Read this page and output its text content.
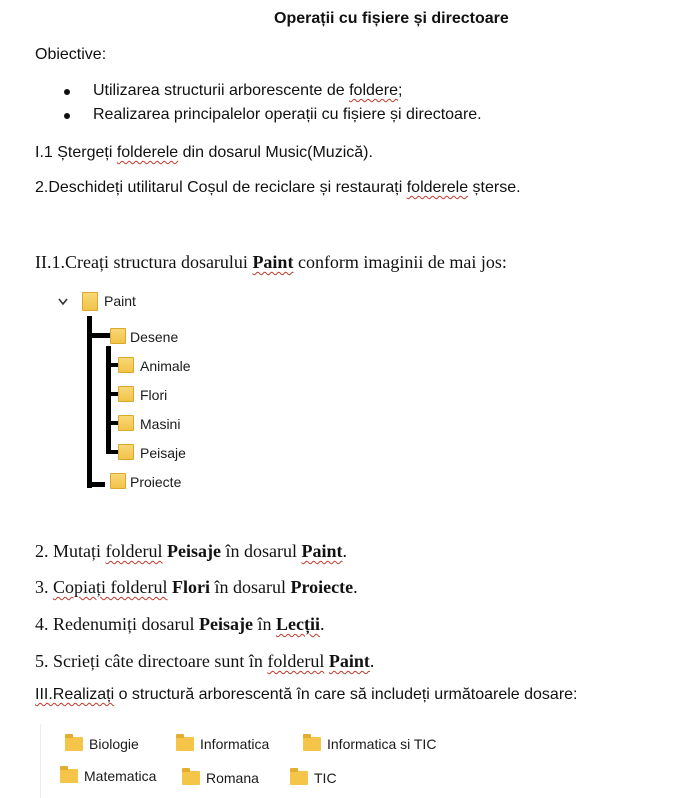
Operații cu fișiere și directoare
Obiective:
Utilizarea structurii arborescente de foldere;
Realizarea principalelor operații cu fișiere și directoare.
I.1 Ștergeți folderele din dosarul Music(Muzică).
2.Deschideți utilitarul Coșul de reciclare și restaurați folderele șterse.
II.1.Creați structura dosarului Paint conform imaginii de mai jos:
Paint
Desene
Animale
Flori
Masini
Peisaje
Proiecte
2. Mutați folderul Peisaje în dosarul Paint.
3. Copiați folderul Flori în dosarul Proiecte.
4. Redenumiți dosarul Peisaje în Lecții.
5. Scrieți câte directoare sunt în folderul Paint.
III.Realizați o structură arborescentă în care să includeți următoarele dosare:
Biologie	Informatica	Informatica si TIC
Matematica	Romana	TIC
